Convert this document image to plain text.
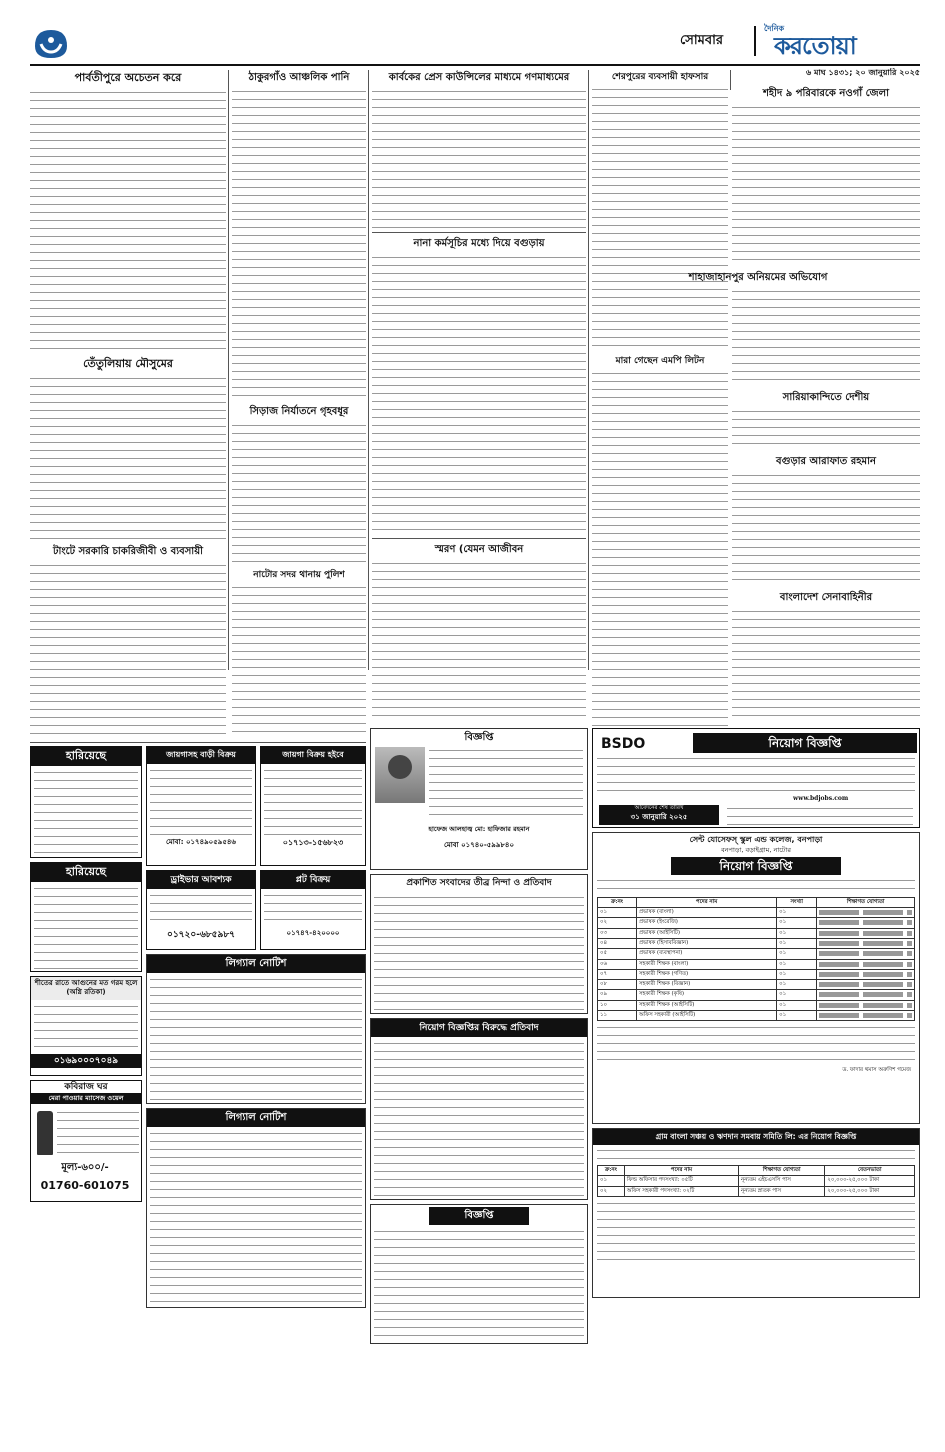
সোমবার
দৈনিক
করতোয়া
৬ মাঘ ১৪৩১; ২০ জানুয়ারি ২০২৫
পার্বতীপুরে অচেতন করে
তেঁতুলিয়ায় মৌসুমের
টাংটে সরকারি চাকরিজীবী ও ব্যবসায়ী
ঠাকুরগাঁও আঞ্চলিক পানি
সিড়াজ নির্যাতনে গৃহবধূর
নাটোর সদর থানায় পুলিশ
কার্বকের প্রেস কাউন্সিলের মাধ্যমে গণমাধ্যমের
নানা কর্মসূচির মধ্যে দিয়ে বগুড়ায়
স্মরণ (যেমন আজীবন
শেরপুরের ব্যবসায়ী হাফসার
মারা গেছেন এমপি লিটন
শহীদ ৯ পরিবারকে নওগাঁ জেলা
শাহাজাহানপুর অনিয়মের অভিযোগ
সারিয়াকান্দিতে দেশীয়
বগুড়ার আরাফাত রহমান
বাংলাদেশ সেনাবাহিনীর
হারিয়েছে	জায়গাসহ বাড়ী বিক্রয়
মোবা: ০১৭৪৯০৫৯৫৪৬
জায়গা বিক্রয় হইবে
০১৭১৩-১৫৬৮২৩
ড্রাইভার আবশ্যক
০১৭২০-৬৮৫৯৮৭
প্লট বিক্রয়
০১৭৪৭-৪২০০০০
হারিয়েছে
শীতের রাতে আগুনের মত গরম হলে (অগ্নি রতিকা)
০১৬৯০০০৭০৪৯
কবিরাজ ঘর
মেরা পাওয়ার ম্যাসেজ ওয়েল
মূল্য-৬০০/-
01760-601075
লিগ্যাল নোটিশ
লিগ্যাল নোটিশ
বিজ্ঞপ্তি
হাফেজ আলহাজ্ব মো: হাফিজার রহমান
মোবা ০১৭৪০-৫৯৯৮৪০
প্রকাশিত সংবাদের তীব্র নিন্দা ও প্রতিবাদ
নিয়োগ বিজ্ঞপ্তির বিরুদ্ধে প্রতিবাদ
বিজ্ঞপ্তি
BSDO	নিয়োগ বিজ্ঞপ্তি
www.bdjobs.com
আবেদনের শেষ তারিখ
৩১ জানুয়ারি ২০২৫
সেন্ট যোসেফস্ স্কুল এন্ড কলেজ, বনপাড়া
বনপাড়া, বড়াইগ্রাম, নাটোর
নিয়োগ বিজ্ঞপ্তি
ক্র:নং	পদের নাম	সংখ্যা	শিক্ষাগত যোগ্যতা
০১	প্রভাষক (বাংলা)	০১	

০২	প্রভাষক (ইংরেজি)	০১	

০৩	প্রভাষক (আইসিটি)	০১	

০৪	প্রভাষক (হিসাববিজ্ঞান)	০১	

০৫	প্রভাষক (ব্যবস্থাপনা)	০১	

০৬	সহকারী শিক্ষক (বাংলা)	০১	

০৭	সহকারী শিক্ষক (গণিত)	০১	

০৮	সহকারী শিক্ষক (বিজ্ঞান)	০১	

০৯	সহকারী শিক্ষক (কৃষি)	০১	

১০	সহকারী শিক্ষক (আইসিটি)	০১	

১১	অফিস সহকারী (আইসিটি)	০১	
ড. ফাদার থমাস অরুণিশ গমেজ
গ্রাম বাংলা সঞ্চয় ও ঋণদান সমবায় সমিতি লি: এর নিয়োগ বিজ্ঞপ্তি
ক্র:নং	পদের নাম	শিক্ষাগত যোগ্যতা	বেতনভাতা
০১	ফিল্ড অফিসার পদসংখ্যা: ০৫টি	নূন্যতম এইচএসসি পাস	২০,০০০-২৫,০০০ টাকা
০২	অফিস সহকারী পদসংখ্যা: ০২টি	নূন্যতম স্নাতক পাস	২০,০০০-২৫,০০০ টাকা
